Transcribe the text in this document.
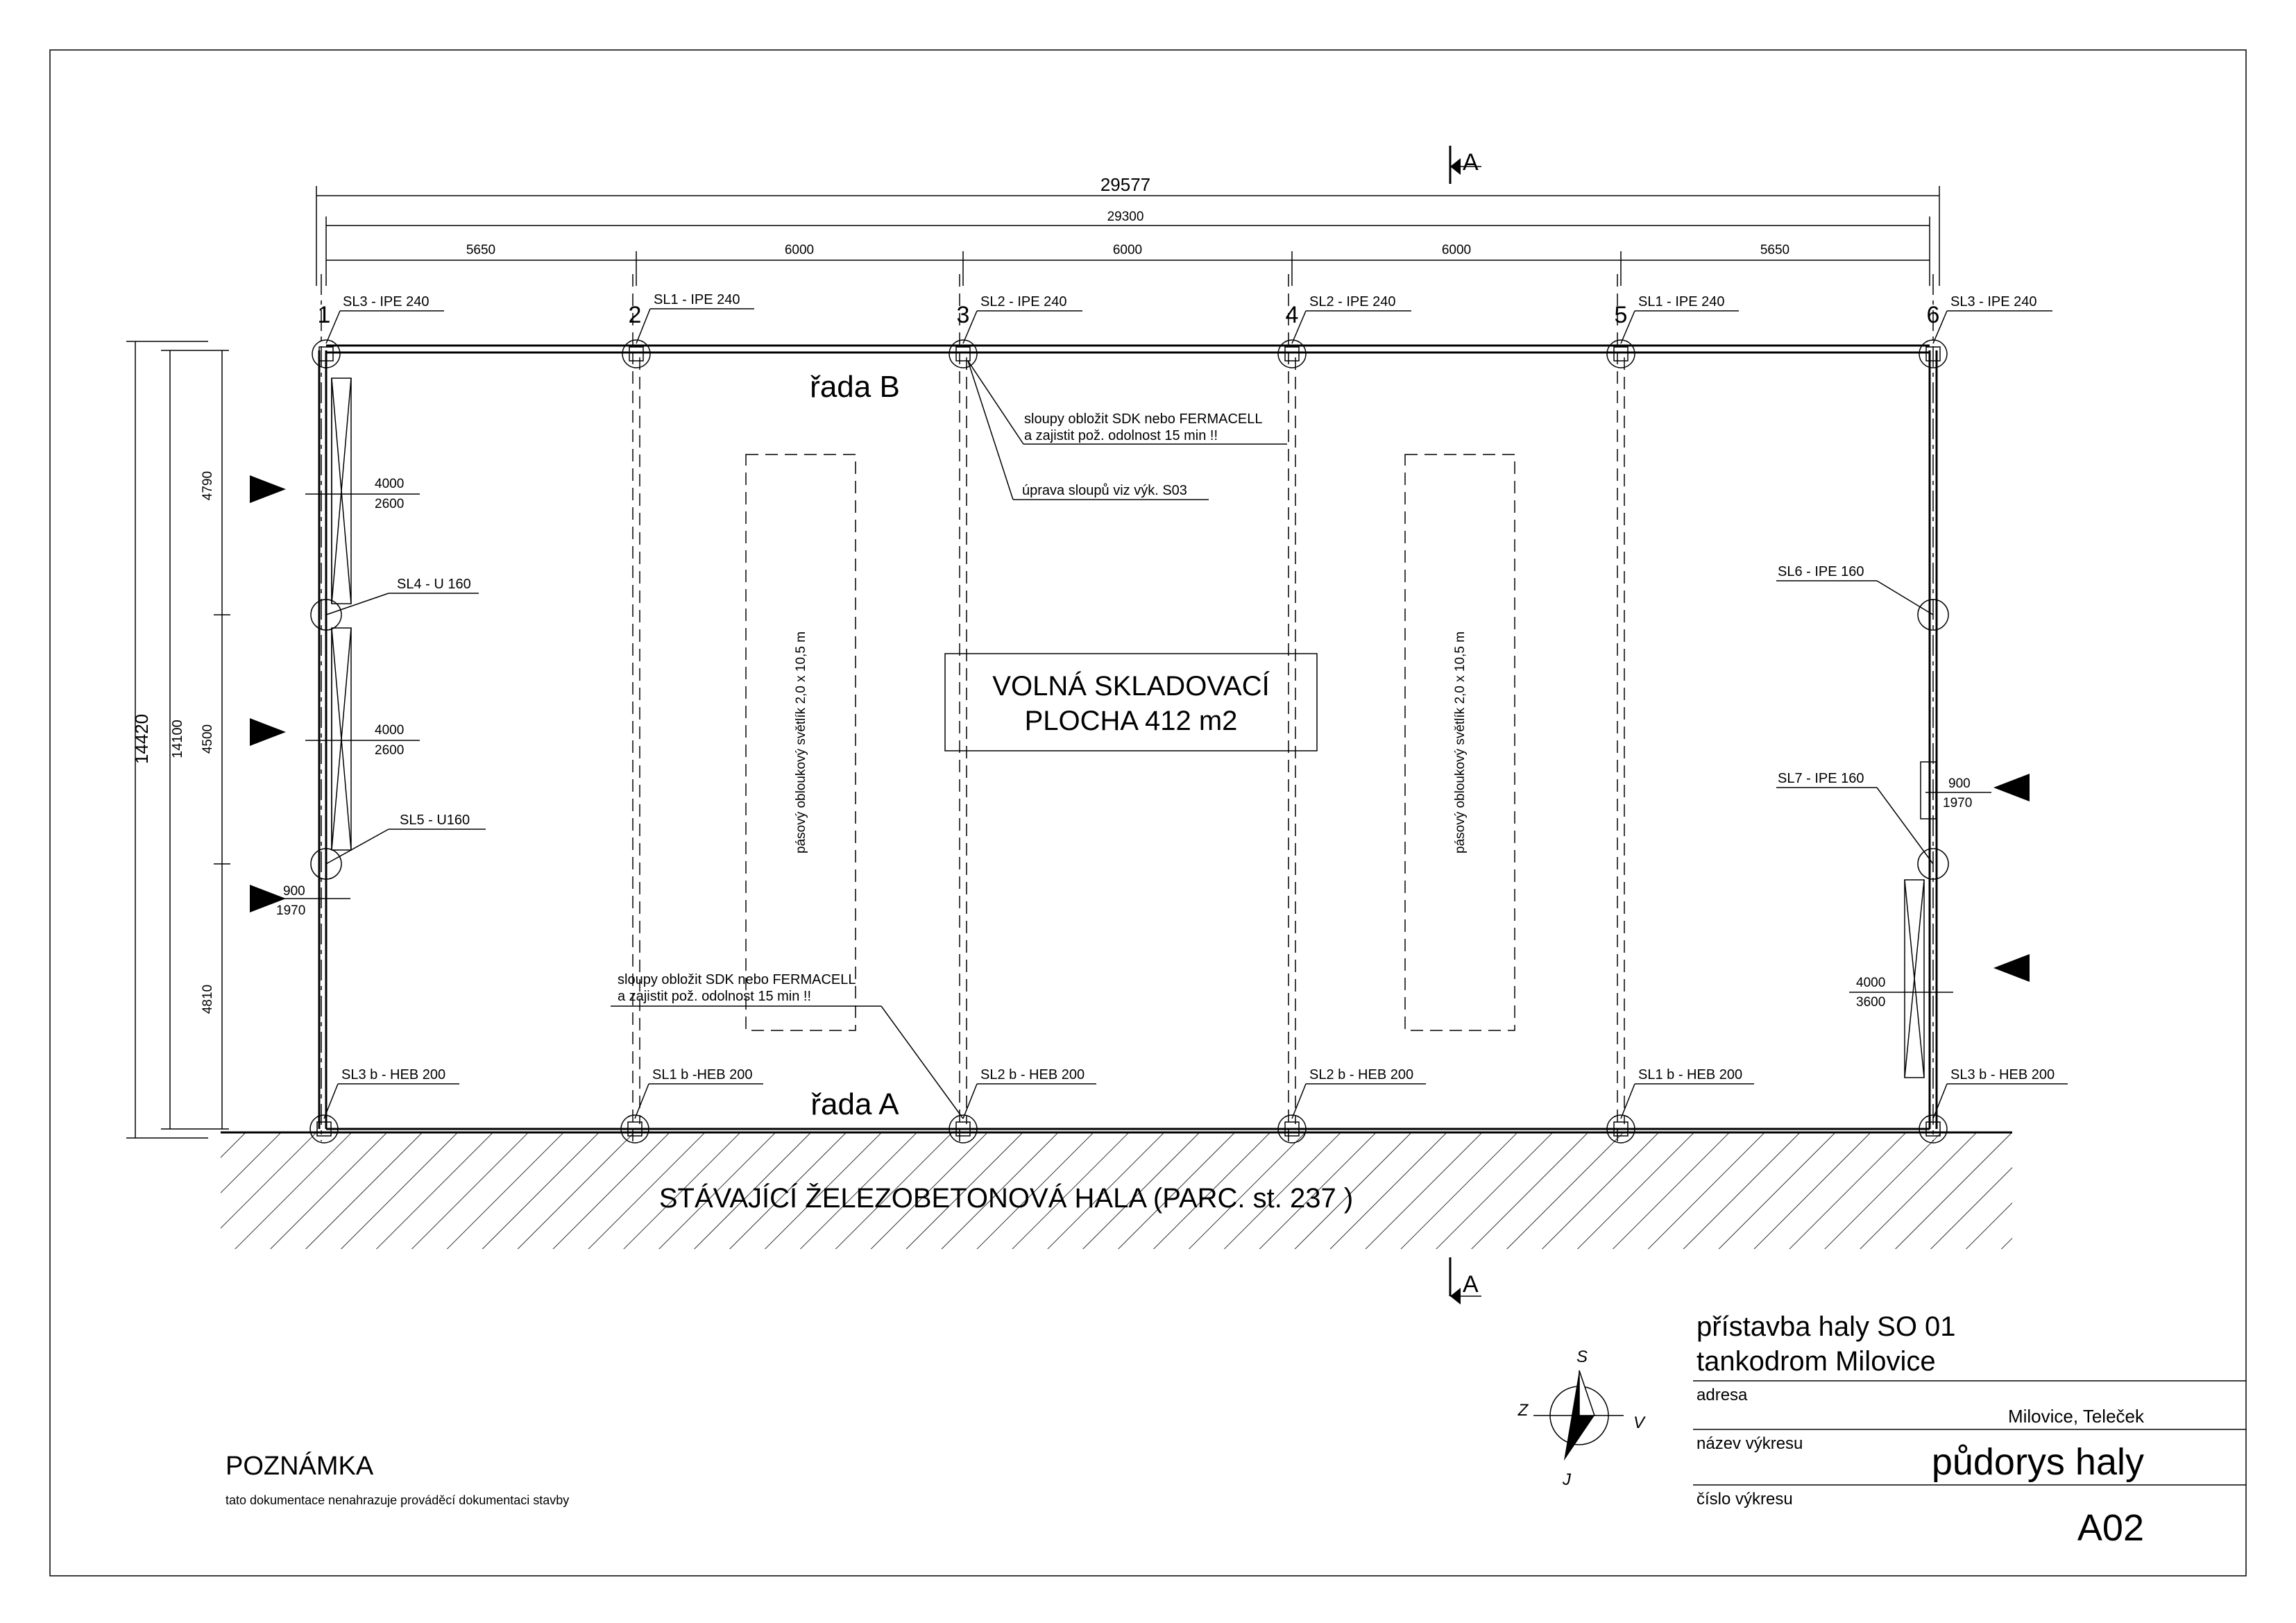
STÁVAJÍCÍ ŽELEZOBETONOVÁ HALA (PARC. st. 237 )
29577
29300
5650	6000	6000	6000	5650
14420 14100
4790
4500
4810
pásový obloukový světlík 2,0 x 10,5 m	pásový obloukový světlík 2,0 x 10,5 m
VOLNÁ SKLADOVACÍ
PLOCHA 412 m2
řada B
řada A
1	2	3	4	5	6
SL3 - IPE 240	SL1 - IPE 240	SL2 - IPE 240	SL2 - IPE 240	SL1 - IPE 240	SL3 - IPE 240
SL3 b - HEB 200	SL1 b -HEB 200	SL2 b - HEB 200	SL2 b - HEB 200	SL1 b - HEB 200	SL3 b - HEB 200
SL4 - U 160
SL5 - U160
SL6 - IPE 160
SL7 - IPE 160
4000
2600
4000
2600
900
1970
900
1970
4000
3600
sloupy obložit SDK nebo FERMACELL
a zajistit pož. odolnost 15 min !!
úprava sloupů viz výk. S03
sloupy obložit SDK nebo FERMACELL
a zajistit pož. odolnost 15 min !!
A
A
S
J
Z
V
POZNÁMKA
tato dokumentace nenahrazuje prováděcí dokumentaci stavby
přístavba haly SO 01
tankodrom Milovice
adresa
Milovice, Teleček
název výkresu	půdorys haly
číslo výkresu
A02
